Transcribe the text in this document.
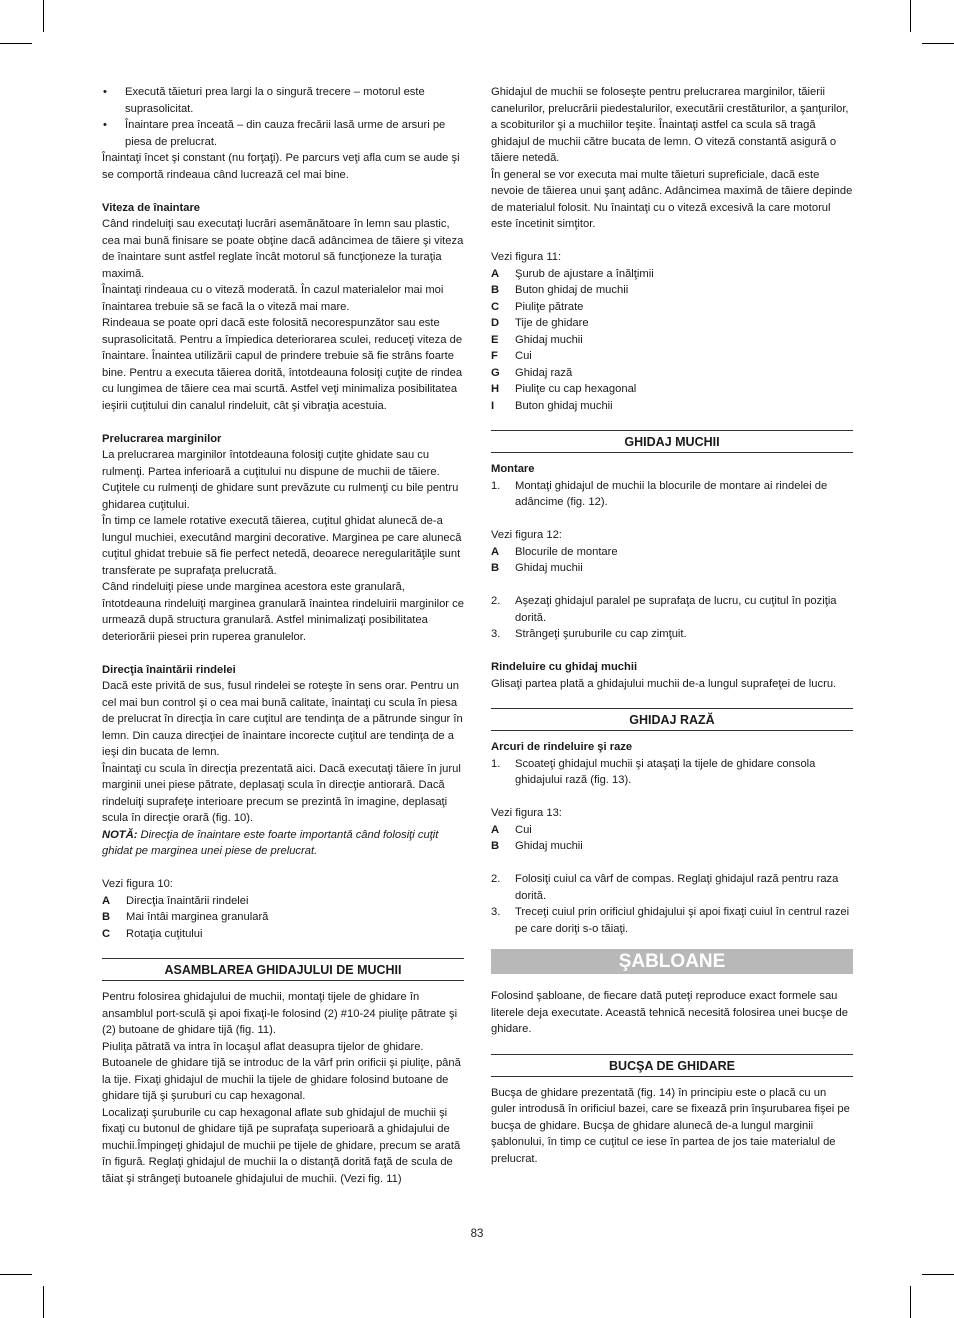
• Execută tăieturi prea largi la o singură trecere – motorul este suprasolicitat.
• Înaintare prea înceată – din cauza frecării lasă urme de arsuri pe piesa de prelucrat.

Înaintaţi încet şi constant (nu forţaţi). Pe parcurs veţi afla cum se aude şi se comportă rindeaua când lucrează cel mai bine.

Viteza de înaintare

Când rindeluiţi sau executaţi lucrări asemănătoare în lemn sau plastic, cea mai bună finisare se poate obţine dacă adâncimea de tăiere şi viteza de înaintare sunt astfel reglate încât motorul să funcţioneze la turaţia maximă.

Înaintaţi rindeaua cu o viteză moderată. În cazul materialelor mai moi înaintarea trebuie să se facă la o viteză mai mare.

Rindeaua se poate opri dacă este folosită necorespunzător sau este suprasolicitată. Pentru a împiedica deteriorarea sculei, reduceţi viteza de înaintare. Înaintea utilizării capul de prindere trebuie să fie strâns foarte bine. Pentru a executa tăierea dorită, întotdeauna folosiţi cuţite de rindea cu lungimea de tăiere cea mai scurtă. Astfel veţi minimaliza posibilitatea ieşirii cuţitului din canalul rindeluit, cât şi vibraţia acestuia.

Prelucrarea marginilor

La prelucrarea marginilor întotdeauna folosiţi cuţite ghidate sau cu rulmenţi. Partea inferioară a cuţitului nu dispune de muchii de tăiere. Cuţitele cu rulmenţi de ghidare sunt prevăzute cu rulmenţi cu bile pentru ghidarea cuţitului.

În timp ce lamele rotative execută tăierea, cuţitul ghidat alunecă de-a lungul muchiei, executând margini decorative. Marginea pe care alunecă cuţitul ghidat trebuie să fie perfect netedă, deoarece neregularităţile sunt transferate pe suprafaţa prelucrată.

Când rindeluiţi piese unde marginea acestora este granulară, întotdeauna rindeluiţi marginea granulară înaintea rindeluirii marginilor ce urmează după structura granulară. Astfel minimalizaţi posibilitatea deteriorării piesei prin ruperea granulelor.

Direcţia înaintării rindelei

Dacă este privită de sus, fusul rindelei se roteşte în sens orar. Pentru un cel mai bun control şi o cea mai bună calitate, înaintaţi cu scula în piesa de prelucrat în direcţia în care cuţitul are tendinţa de a pătrunde singur în lemn. Din cauza direcţiei de înaintare incorecte cuţitul are tendinţa de a ieşi din bucata de lemn.

Înaintaţi cu scula în direcţia prezentată aici. Dacă executaţi tăiere în jurul marginii unei piese pătrate, deplasaţi scula în direcţie antiorară. Dacă rindeluiţi suprafeţe interioare precum se prezintă în imagine, deplasaţi scula în direcţie orară (fig. 10).

NOTĂ: Direcţia de înaintare este foarte importantă când folosiţi cuţit ghidat pe marginea unei piese de prelucrat.

Vezi figura 10:

A	Direcţia înaintării rindelei
B	Mai întâi marginea granulară
C	Rotaţia cuţitului
ASAMBLAREA GHIDAJULUI DE MUCHII

Pentru folosirea ghidajului de muchii, montaţi tijele de ghidare în ansamblul port-sculă şi apoi fixaţi-le folosind (2) #10-24 piuliţe pătrate şi (2) butoane de ghidare tijă (fig. 11).

Piuliţa pătrată va intra în locaşul aflat deasupra tijelor de ghidare. Butoanele de ghidare tijă se introduc de la vârf prin orificii şi piuliţe, până la tije. Fixaţi ghidajul de muchii la tijele de ghidare folosind butoane de ghidare tijă şi şuruburi cu cap hexagonal.

Localizaţi şuruburile cu cap hexagonal aflate sub ghidajul de muchii şi fixaţi cu butonul de ghidare tijă pe suprafaţa superioară a ghidajului de muchii.Împingeţi ghidajul de muchii pe tijele de ghidare, precum se arată în figură. Reglaţi ghidajul de muchii la o distanţă dorită faţă de scula de tăiat şi strângeţi butoanele ghidajului de muchii. (Vezi fig. 11)

Ghidajul de muchii se foloseşte pentru prelucrarea marginilor, tăierii canelurilor, prelucrării piedestalurilor, executării crestăturilor, a şanţurilor, a scobiturilor şi a muchiilor teşite. Înaintaţi astfel ca scula să tragă ghidajul de muchii către bucata de lemn. O viteză constantă asigură o tăiere netedă.

În general se vor executa mai multe tăieturi supreficiale, dacă este nevoie de tăierea unui şanţ adânc. Adâncimea maximă de tăiere depinde de materialul folosit. Nu înaintaţi cu o viteză excesivă la care motorul este încetinit simţitor.

Vezi figura 11:

A	Şurub de ajustare a înălţimii
B	Buton ghidaj de muchii
C	Piuliţe pătrate
D	Tije de ghidare
E	Ghidaj muchii
F	Cui
G	Ghidaj rază
H	Piuliţe cu cap hexagonal
I	Buton ghidaj muchii
GHIDAJ MUCHII

Montare

1.	Montaţi ghidajul de muchii la blocurile de montare ai rindelei de adâncime (fig. 12).

Vezi figura 12:

A	Blocurile de montare
B	Ghidaj muchii
2.	Aşezaţi ghidajul paralel pe suprafaţa de lucru, cu cuţitul în poziţia dorită.
3.	Strângeţi şuruburile cu cap zimţuit.

Rindeluire cu ghidaj muchii

Glisaţi partea plată a ghidajului muchii de-a lungul suprafeţei de lucru.

GHIDAJ RAZĂ

Arcuri de rindeluire şi raze

1.	Scoateţi ghidajul muchii şi ataşaţi la tijele de ghidare consola ghidajului rază (fig. 13).

Vezi figura 13:

A	Cui
B	Ghidaj muchii
2.	Folosiţi cuiul ca vârf de compas. Reglaţi ghidajul rază pentru raza dorită.
3.	Treceţi cuiul prin orificiul ghidajului şi apoi fixaţi cuiul în centrul razei pe care doriţi s-o tăiaţi.
ŞABLOANE

Folosind şabloane, de fiecare dată puteţi reproduce exact formele sau literele deja executate. Această tehnică necesită folosirea unei bucşe de ghidare.

BUCŞA DE GHIDARE

Bucşa de ghidare prezentată (fig. 14) în principiu este o placă cu un guler introdusă în orificiul bazei, care se fixează prin înşurubarea fişei pe bucşa de ghidare. Bucşa de ghidare alunecă de-a lungul marginii şablonului, în timp ce cuţitul ce iese în partea de jos taie materialul de prelucrat.

83
